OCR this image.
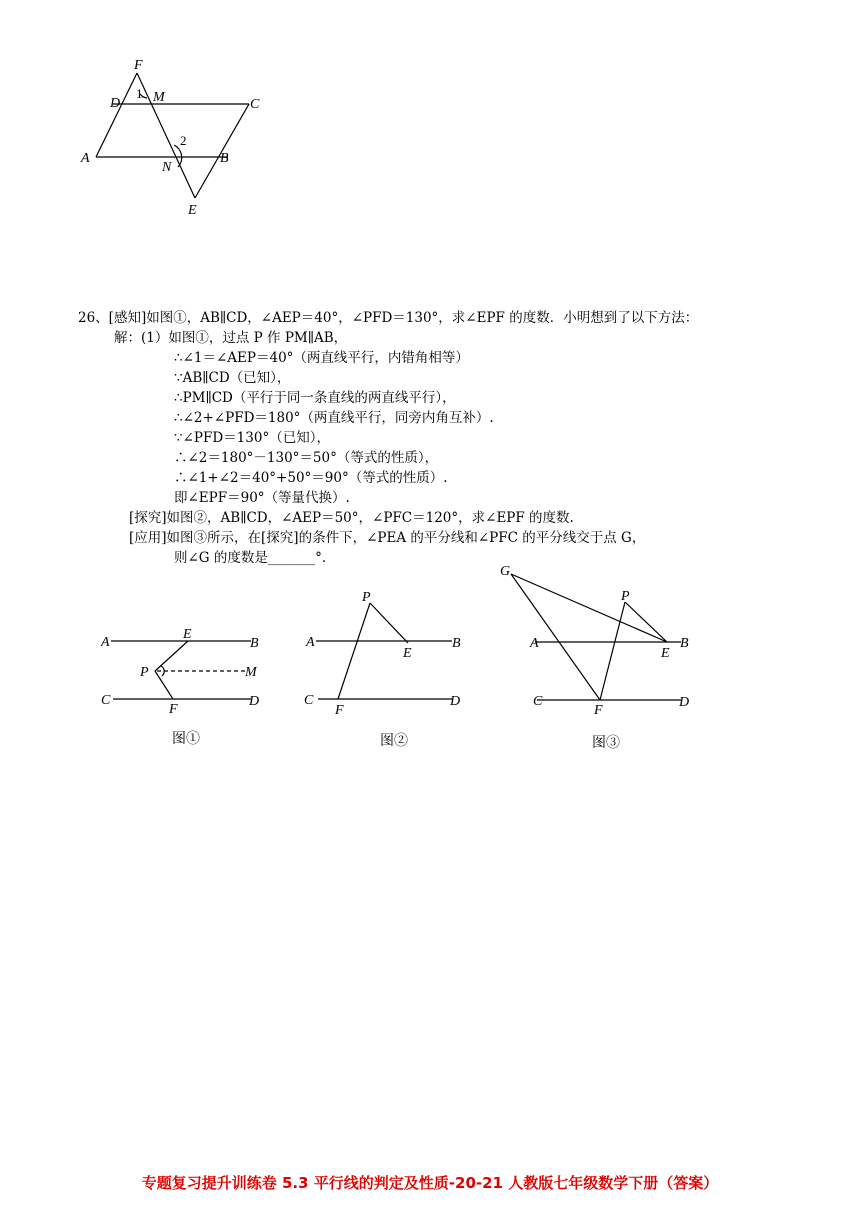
F
D
1 M	C
A
2
N
B
E
26、[感知]如图①，AB∥CD，∠AEP＝40°，∠PFD＝130°，求∠EPF 的度数．小明想到了以下方法：
解：(1）如图①，过点 P 作 PM∥AB，
∴∠1＝∠AEP＝40°（两直线平行，内错角相等）
∵AB∥CD（已知），
∴PM∥CD（平行于同一条直线的两直线平行），
∴∠2+∠PFD＝180°（两直线平行，同旁内角互补）.
∵∠PFD＝130°（已知），
∴∠2＝180°－130°＝50°（等式的性质），
∴∠1+∠2＝40°+50°＝90°（等式的性质）.
即∠EPF＝90°（等量代换）.
[探究]如图②，AB∥CD，∠AEP＝50°，∠PFC＝120°，求∠EPF 的度数.
[应用]如图③所示，在[探究]的条件下，∠PEA 的平分线和∠PFC 的平分线交于点 G，
则∠G 的度数是_______°.
A
E
B
P	M
C
F
D
图①
P
A
E
B
C
F
D
图②
G
P
A
E
B
C
F
D
图③
专题复习提升训练卷 5.3 平行线的判定及性质-20-21 人教版七年级数学下册（答案）
